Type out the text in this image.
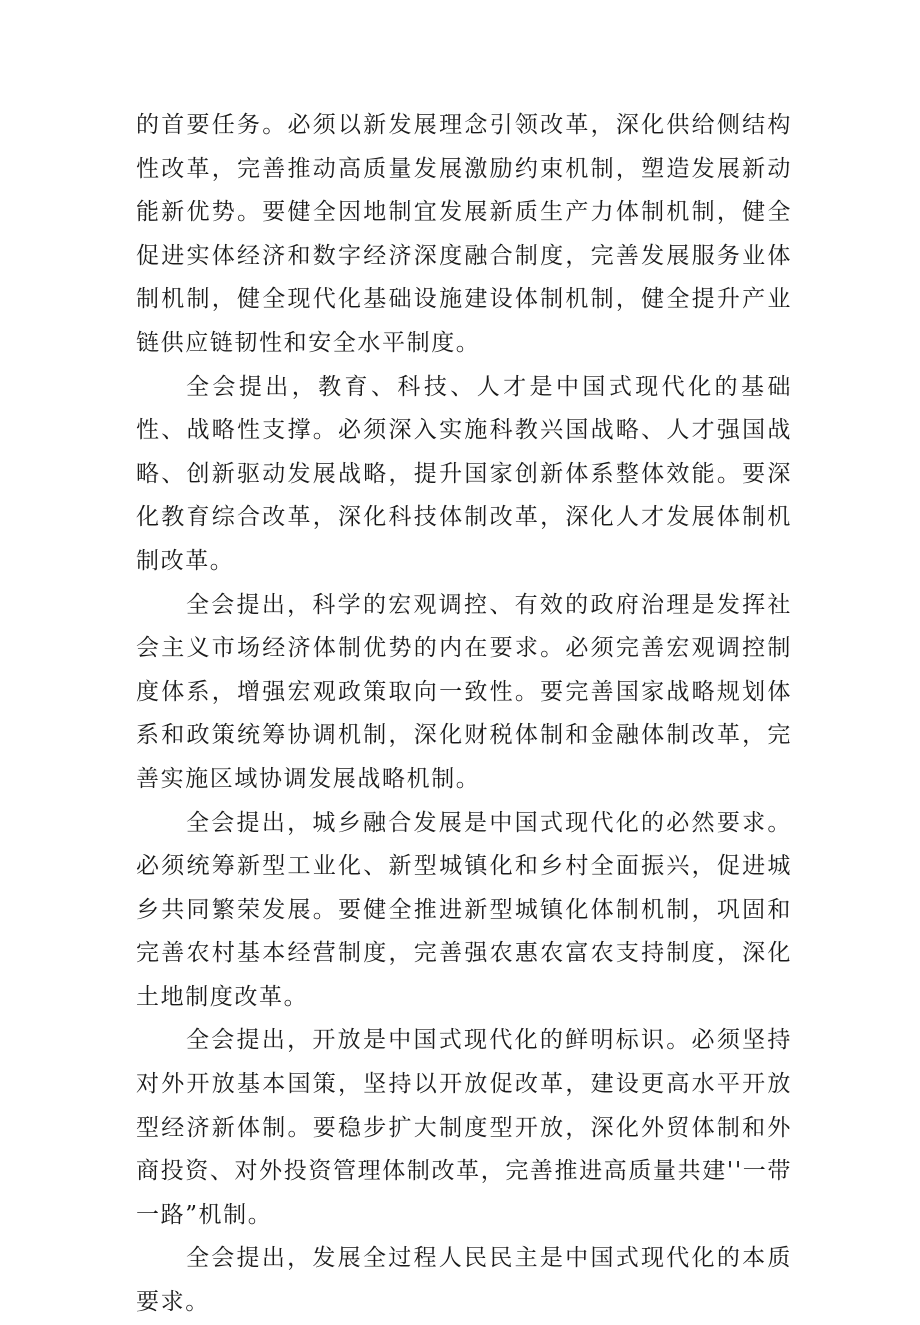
的首要任务。必须以新发展理念引领改革，深化供给侧结构性改革，完善推动高质量发展激励约束机制，塑造发展新动能新优势。要健全因地制宜发展新质生产力体制机制，健全促进实体经济和数字经济深度融合制度，完善发展服务业体制机制，健全现代化基础设施建设体制机制，健全提升产业链供应链韧性和安全水平制度。

全会提出，教育、科技、人才是中国式现代化的基础性、战略性支撑。必须深入实施科教兴国战略、人才强国战略、创新驱动发展战略，提升国家创新体系整体效能。要深化教育综合改革，深化科技体制改革，深化人才发展体制机制改革。

全会提出，科学的宏观调控、有效的政府治理是发挥社会主义市场经济体制优势的内在要求。必须完善宏观调控制度体系，增强宏观政策取向一致性。要完善国家战略规划体系和政策统筹协调机制，深化财税体制和金融体制改革，完善实施区域协调发展战略机制。

全会提出，城乡融合发展是中国式现代化的必然要求。必须统筹新型工业化、新型城镇化和乡村全面振兴，促进城乡共同繁荣发展。要健全推进新型城镇化体制机制，巩固和完善农村基本经营制度，完善强农惠农富农支持制度，深化土地制度改革。

全会提出，开放是中国式现代化的鲜明标识。必须坚持对外开放基本国策，坚持以开放促改革，建设更高水平开放型经济新体制。要稳步扩大制度型开放，深化外贸体制和外商投资、对外投资管理体制改革，完善推进高质量共建''一带一路”机制。

全会提出，发展全过程人民民主是中国式现代化的本质要求。
